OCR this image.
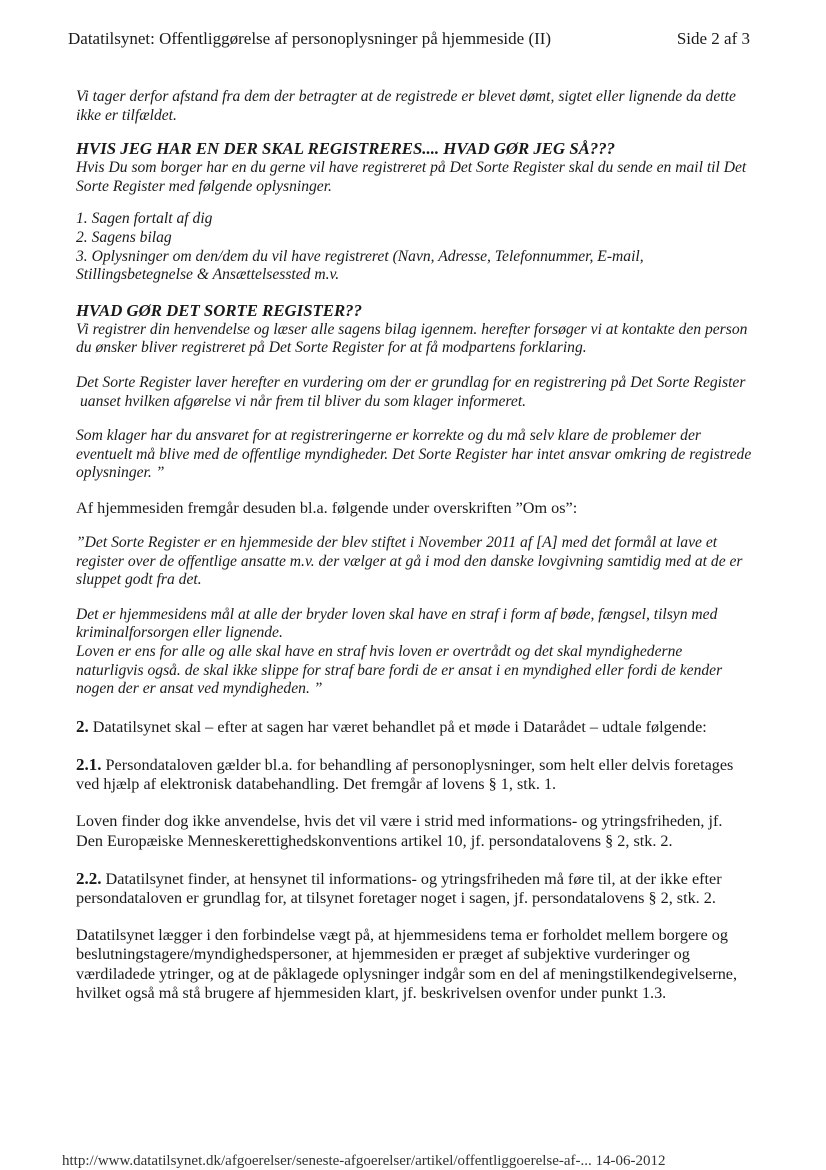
Datatilsynet: Offentliggørelse af personoplysninger på hjemmeside (II)	Side 2 af 3

Vi tager derfor afstand fra dem der betragter at de registrede er blevet dømt, sigtet eller lignende da dette ikke er tilfældet.

HVIS JEG HAR EN DER SKAL REGISTRERES.... HVAD GØR JEG SÅ???

Hvis Du som borger har en du gerne vil have registreret på Det Sorte Register skal du sende en mail til Det Sorte Register med følgende oplysninger.

1. Sagen fortalt af dig

2. Sagens bilag

3. Oplysninger om den/dem du vil have registreret (Navn, Adresse, Telefonnummer, E-mail, Stillingsbetegnelse & Ansættelsessted m.v.

HVAD GØR DET SORTE REGISTER??

Vi registrer din henvendelse og læser alle sagens bilag igennem. herefter forsøger vi at kontakte den person du ønsker bliver registreret på Det Sorte Register for at få modpartens forklaring.

Det Sorte Register laver herefter en vurdering om der er grundlag for en registrering på Det Sorte Register

uanset hvilken afgørelse vi når frem til bliver du som klager informeret.

Som klager har du ansvaret for at registreringerne er korrekte og du må selv klare de problemer der eventuelt må blive med de offentlige myndigheder. Det Sorte Register har intet ansvar omkring de registrede oplysninger. ”

Af hjemmesiden fremgår desuden bl.a. følgende under overskriften ”Om os”:

”Det Sorte Register er en hjemmeside der blev stiftet i November 2011 af [A] med det formål at lave et register over de offentlige ansatte m.v. der vælger at gå i mod den danske lovgivning samtidig med at de er sluppet godt fra det.

Det er hjemmesidens mål at alle der bryder loven skal have en straf i form af bøde, fængsel, tilsyn med kriminalforsorgen eller lignende.

Loven er ens for alle og alle skal have en straf hvis loven er overtrådt og det skal myndighederne naturligvis også. de skal ikke slippe for straf bare fordi de er ansat i en myndighed eller fordi de kender nogen der er ansat ved myndigheden. ”

2. Datatilsynet skal – efter at sagen har været behandlet på et møde i Datarådet – udtale følgende:

2.1. Persondataloven gælder bl.a. for behandling af personoplysninger, som helt eller delvis foretages ved hjælp af elektronisk databehandling. Det fremgår af lovens § 1, stk. 1.

Loven finder dog ikke anvendelse, hvis det vil være i strid med informations- og ytringsfriheden, jf. Den Europæiske Menneskerettighedskonventions artikel 10, jf. persondatalovens § 2, stk. 2.

2.2. Datatilsynet finder, at hensynet til informations- og ytringsfriheden må føre til, at der ikke efter persondataloven er grundlag for, at tilsynet foretager noget i sagen, jf. persondatalovens § 2, stk. 2.

Datatilsynet lægger i den forbindelse vægt på, at hjemmesidens tema er forholdet mellem borgere og beslutningstagere/myndighedspersoner, at hjemmesiden er præget af subjektive vurderinger og værdiladede ytringer, og at de påklagede oplysninger indgår som en del af meningstilkendegivelserne, hvilket også må stå brugere af hjemmesiden klart, jf. beskrivelsen ovenfor under punkt 1.3.

http://www.datatilsynet.dk/afgoerelser/seneste-afgoerelser/artikel/offentliggoerelse-af-... 14-06-2012
